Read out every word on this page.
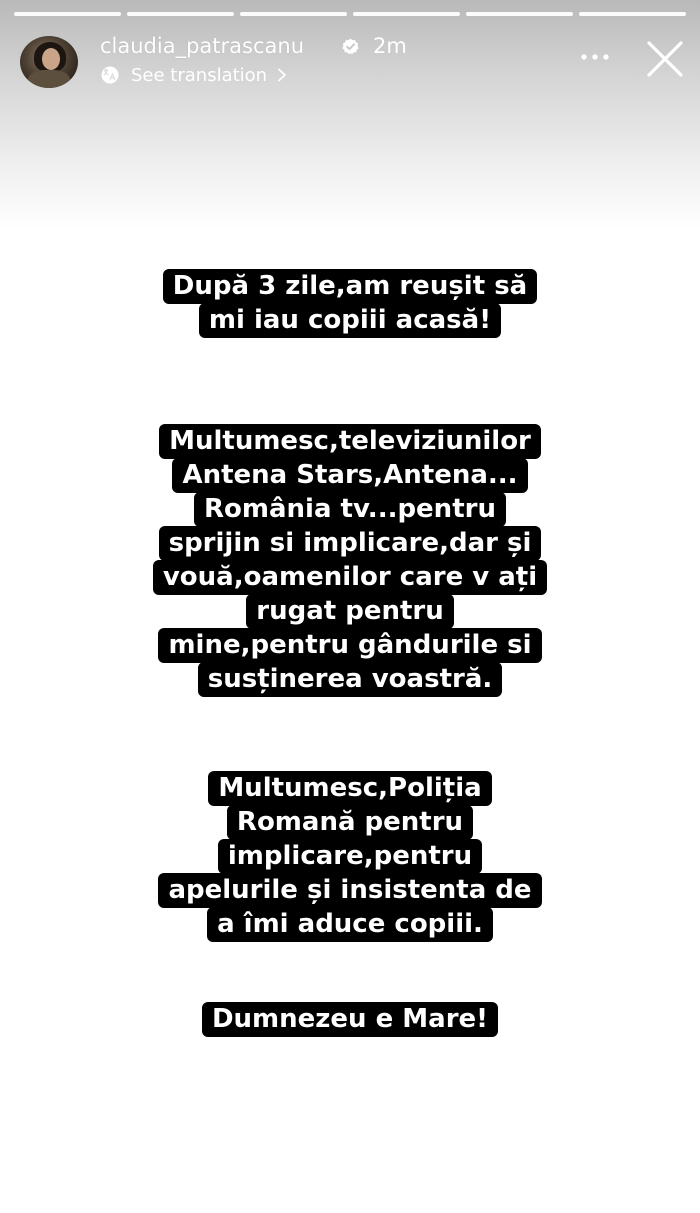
claudia_patrascanu	2m
See translation
După 3 zile,am reușit să
mi iau copiii acasă!
Multumesc,televiziunilor
Antena Stars,Antena...
România tv...pentru
sprijin si implicare,dar și
vouă,oamenilor care v ați
rugat pentru
mine,pentru gândurile si
susținerea voastră.
Multumesc,Poliția
Romană pentru
implicare,pentru
apelurile și insistenta de
a îmi aduce copiii.
Dumnezeu e Mare!
